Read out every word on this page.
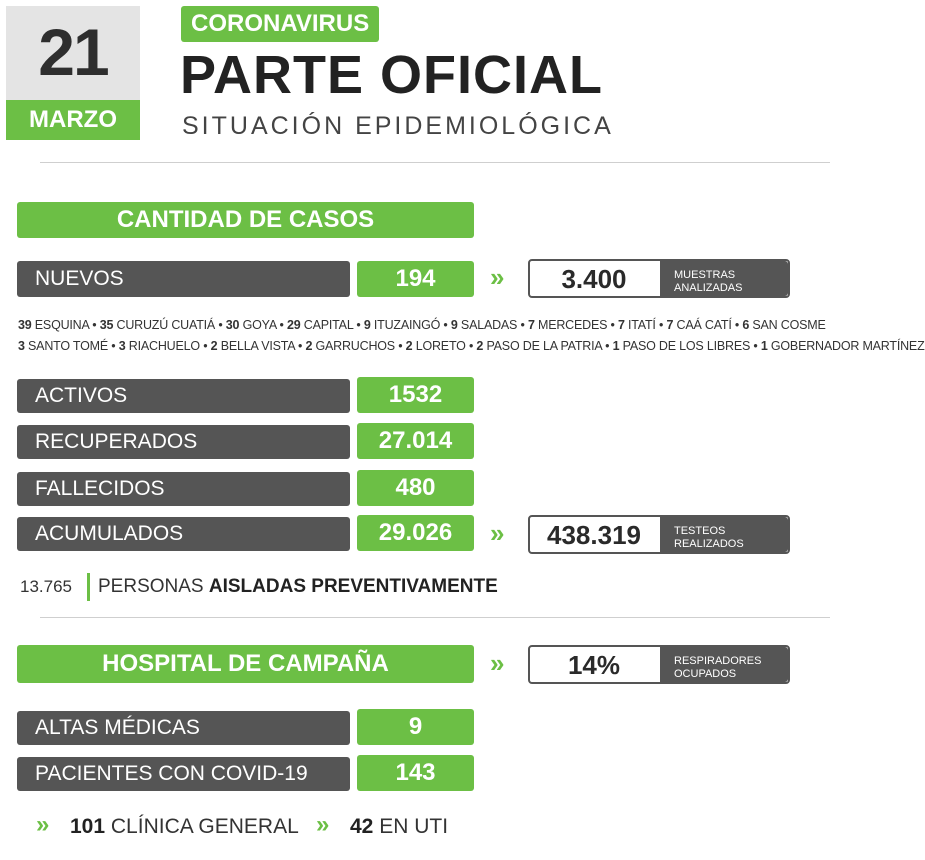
21
MARZO
CORONAVIRUS
PARTE OFICIAL
SITUACIÓN EPIDEMIOLÓGICA
CANTIDAD DE CASOS
NUEVOS	194	»	3.400	MUESTRAS
ANALIZADAS
39 ESQUINA • 35 CURUZÚ CUATIÁ • 30 GOYA • 29 CAPITAL • 9 ITUZAINGÓ • 9 SALADAS • 7 MERCEDES • 7 ITATÍ • 7 CAÁ CATÍ • 6 SAN COSME
3 SANTO TOMÉ • 3 RIACHUELO • 2 BELLA VISTA • 2 GARRUCHOS • 2 LORETO • 2 PASO DE LA PATRIA • 1 PASO DE LOS LIBRES • 1 GOBERNADOR MARTÍNEZ
ACTIVOS	1532
RECUPERADOS	27.014
FALLECIDOS	480
ACUMULADOS	29.026	»	438.319	TESTEOS
REALIZADOS
13.765 PERSONAS AISLADAS PREVENTIVAMENTE
HOSPITAL DE CAMPAÑA	»	14%	RESPIRADORES
OCUPADOS
ALTAS MÉDICAS	9
PACIENTES CON COVID-19	143
» 101 CLÍNICA GENERAL » 42 EN UTI
